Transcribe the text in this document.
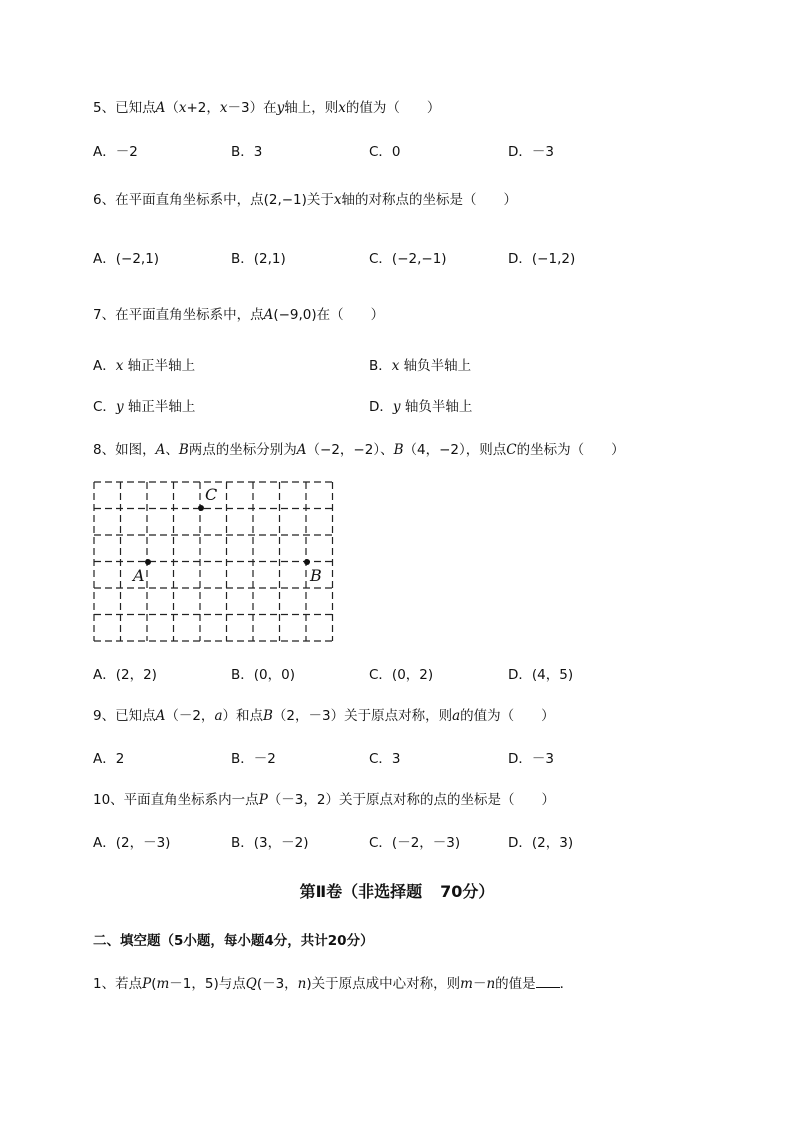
5、已知点A（x+2，x－3）在y轴上，则x的值为（　　）
A．－2	B．3	C．0	D．－3
6、在平面直角坐标系中，点(2,−1)关于x轴的对称点的坐标是（　　）
A．(−2,1)	B．(2,1)	C．(−2,−1)	D．(−1,2)
7、在平面直角坐标系中，点A(−9,0)在（　　）
A．x 轴正半轴上	B．x 轴负半轴上
C．y 轴正半轴上	D．y 轴负半轴上
8、如图，A、B两点的坐标分别为A（−2，−2）、B（4，−2），则点C的坐标为（　　）
C
A	B
A．(2，2)	B．(0，0)	C．(0，2)	D．(4，5)
9、已知点A（－2，a）和点B（2，－3）关于原点对称，则a的值为（　　）
A．2	B．－2	C．3	D．－3
10、平面直角坐标系内一点P（－3，2）关于原点对称的点的坐标是（　　）
A．(2，－3)	B．(3，－2)	C．(－2，－3)	D．(2，3)
第Ⅱ卷（非选择题 70分）
二、填空题（5小题，每小题4分，共计20分）
1、若点P(m－1，5)与点Q(－3，n)关于原点成中心对称，则m－n的值是 ．
